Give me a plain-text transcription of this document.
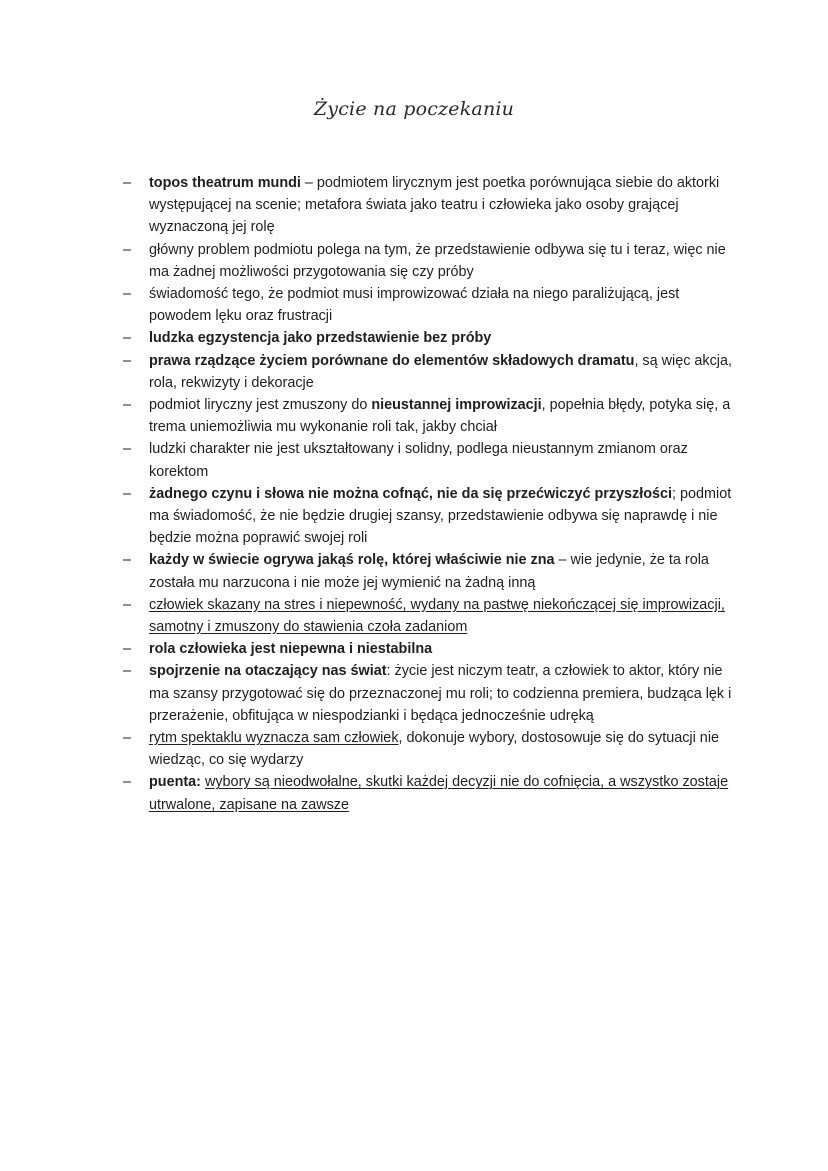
Życie na poczekaniu
–	topos theatrum mundi – podmiotem lirycznym jest poetka porównująca siebie do aktorki występującej na scenie; metafora świata jako teatru i człowieka jako osoby grającej wyznaczoną jej rolę
–	główny problem podmiotu polega na tym, że przedstawienie odbywa się tu i teraz, więc nie ma żadnej możliwości przygotowania się czy próby
–	świadomość tego, że podmiot musi improwizować działa na niego paraliżującą, jest powodem lęku oraz frustracji
–	ludzka egzystencja jako przedstawienie bez próby
–	prawa rządzące życiem porównane do elementów składowych dramatu, są więc akcja, rola, rekwizyty i dekoracje
–	podmiot liryczny jest zmuszony do nieustannej improwizacji, popełnia błędy, potyka się, a trema uniemożliwia mu wykonanie roli tak, jakby chciał
–	ludzki charakter nie jest ukształtowany i solidny, podlega nieustannym zmianom oraz korektom
–	żadnego czynu i słowa nie można cofnąć, nie da się przećwiczyć przyszłości; podmiot ma świadomość, że nie będzie drugiej szansy, przedstawienie odbywa się naprawdę i nie będzie można poprawić swojej roli
–	każdy w świecie ogrywa jakąś rolę, której właściwie nie zna – wie jedynie, że ta rola została mu narzucona i nie może jej wymienić na żadną inną
–	człowiek skazany na stres i niepewność, wydany na pastwę niekończącej się improwizacji, samotny i zmuszony do stawienia czoła zadaniom
–	rola człowieka jest niepewna i niestabilna
–	spojrzenie na otaczający nas świat: życie jest niczym teatr, a człowiek to aktor, który nie ma szansy przygotować się do przeznaczonej mu roli; to codzienna premiera, budząca lęk i przerażenie, obfitująca w niespodzianki i będąca jednocześnie udręką
–	rytm spektaklu wyznacza sam człowiek, dokonuje wybory, dostosowuje się do sytuacji nie wiedząc, co się wydarzy
–	puenta: wybory są nieodwołalne, skutki każdej decyzji nie do cofnięcia, a wszystko zostaje utrwalone, zapisane na zawsze
